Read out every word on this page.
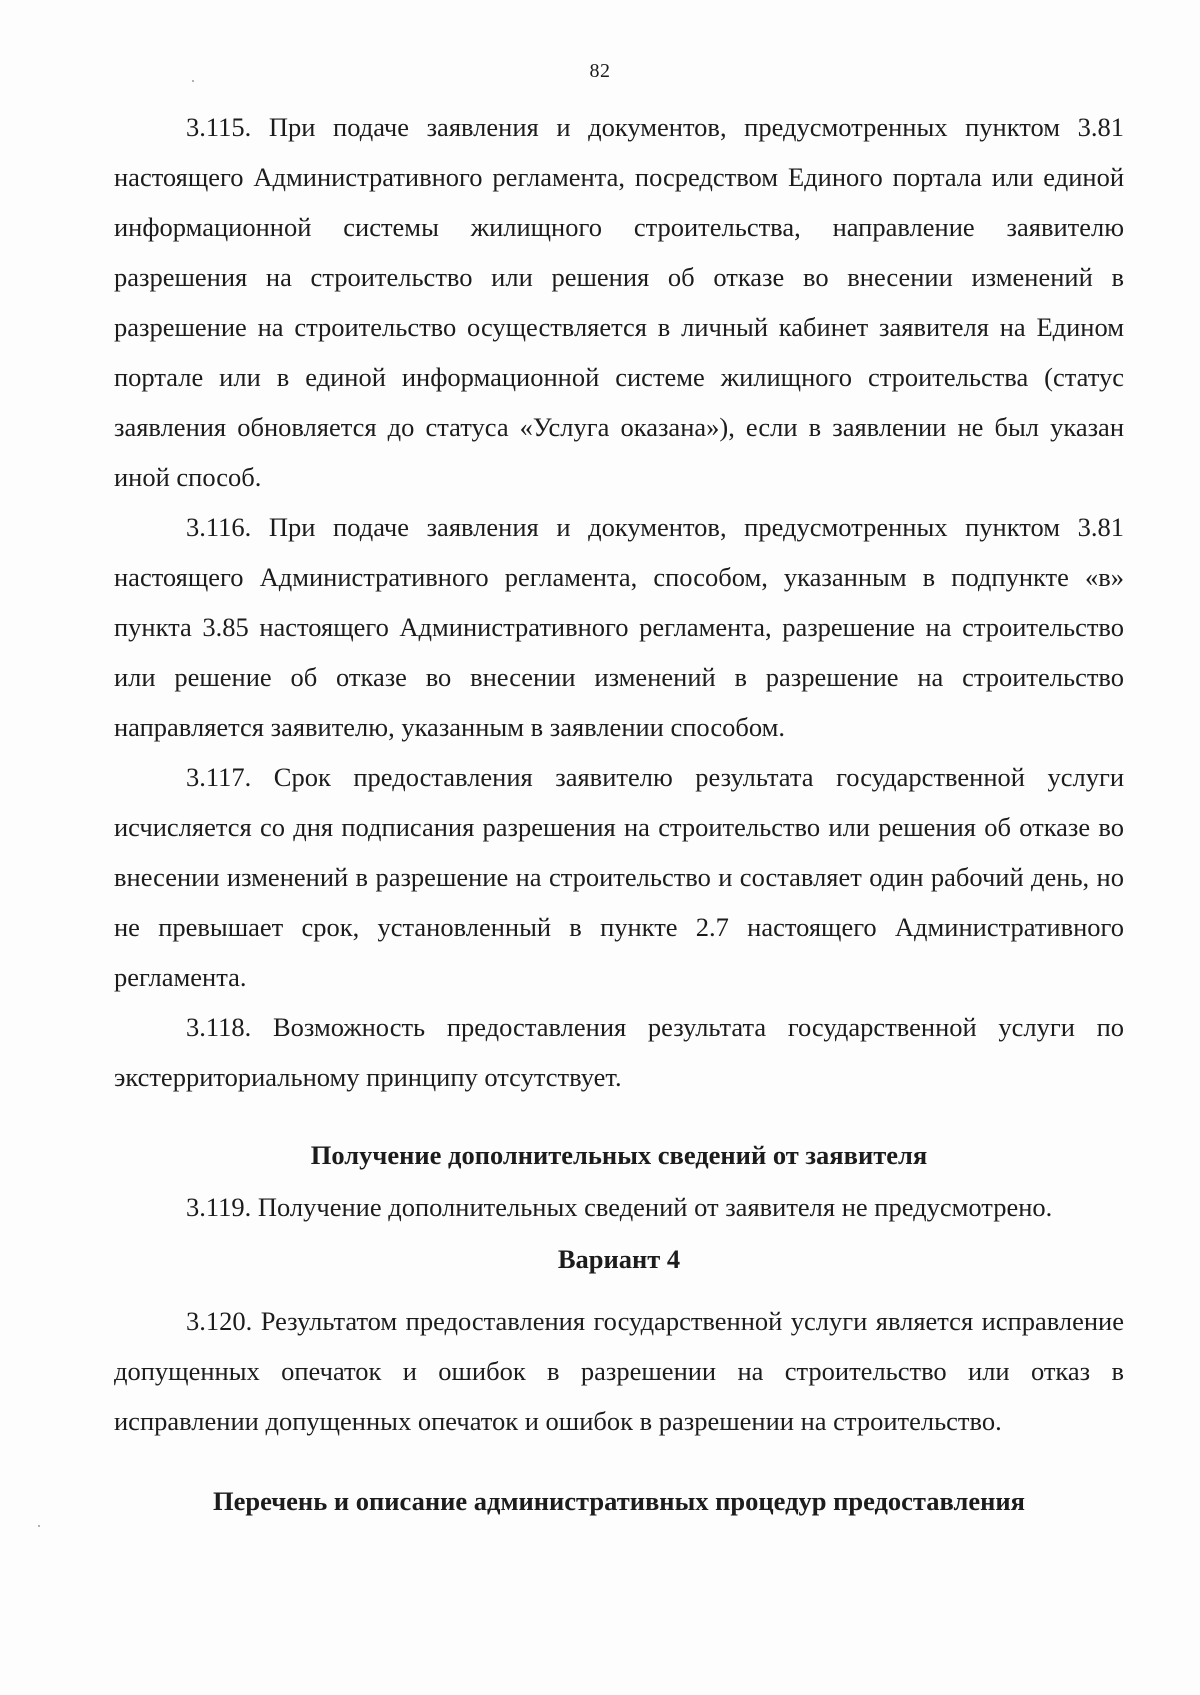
82

3.115. При подаче заявления и документов, предусмотренных пунктом 3.81 настоящего Административного регламента, посредством Единого портала или единой информационной системы жилищного строительства, направление заявителю разрешения на строительство или решения об отказе во внесении изменений в разрешение на строительство осуществляется в личный кабинет заявителя на Едином портале или в единой информационной системе жилищного строительства (статус заявления обновляется до статуса «Услуга оказана»), если в заявлении не был указан иной способ.

3.116. При подаче заявления и документов, предусмотренных пунктом 3.81 настоящего Административного регламента, способом, указанным в подпункте «в» пункта 3.85 настоящего Административного регламента, разрешение на строительство или решение об отказе во внесении изменений в разрешение на строительство направляется заявителю, указанным в заявлении способом.

3.117. Срок предоставления заявителю результата государственной услуги исчисляется со дня подписания разрешения на строительство или решения об отказе во внесении изменений в разрешение на строительство и составляет один рабочий день, но не превышает срок, установленный в пункте 2.7 настоящего Административного регламента.

3.118. Возможность предоставления результата государственной услуги по экстерриториальному принципу отсутствует.

Получение дополнительных сведений от заявителя

3.119. Получение дополнительных сведений от заявителя не предусмотрено.

Вариант 4

3.120. Результатом предоставления государственной услуги является исправление допущенных опечаток и ошибок в разрешении на строительство или отказ в исправлении допущенных опечаток и ошибок в разрешении на строительство.

Перечень и описание административных процедур предоставления
